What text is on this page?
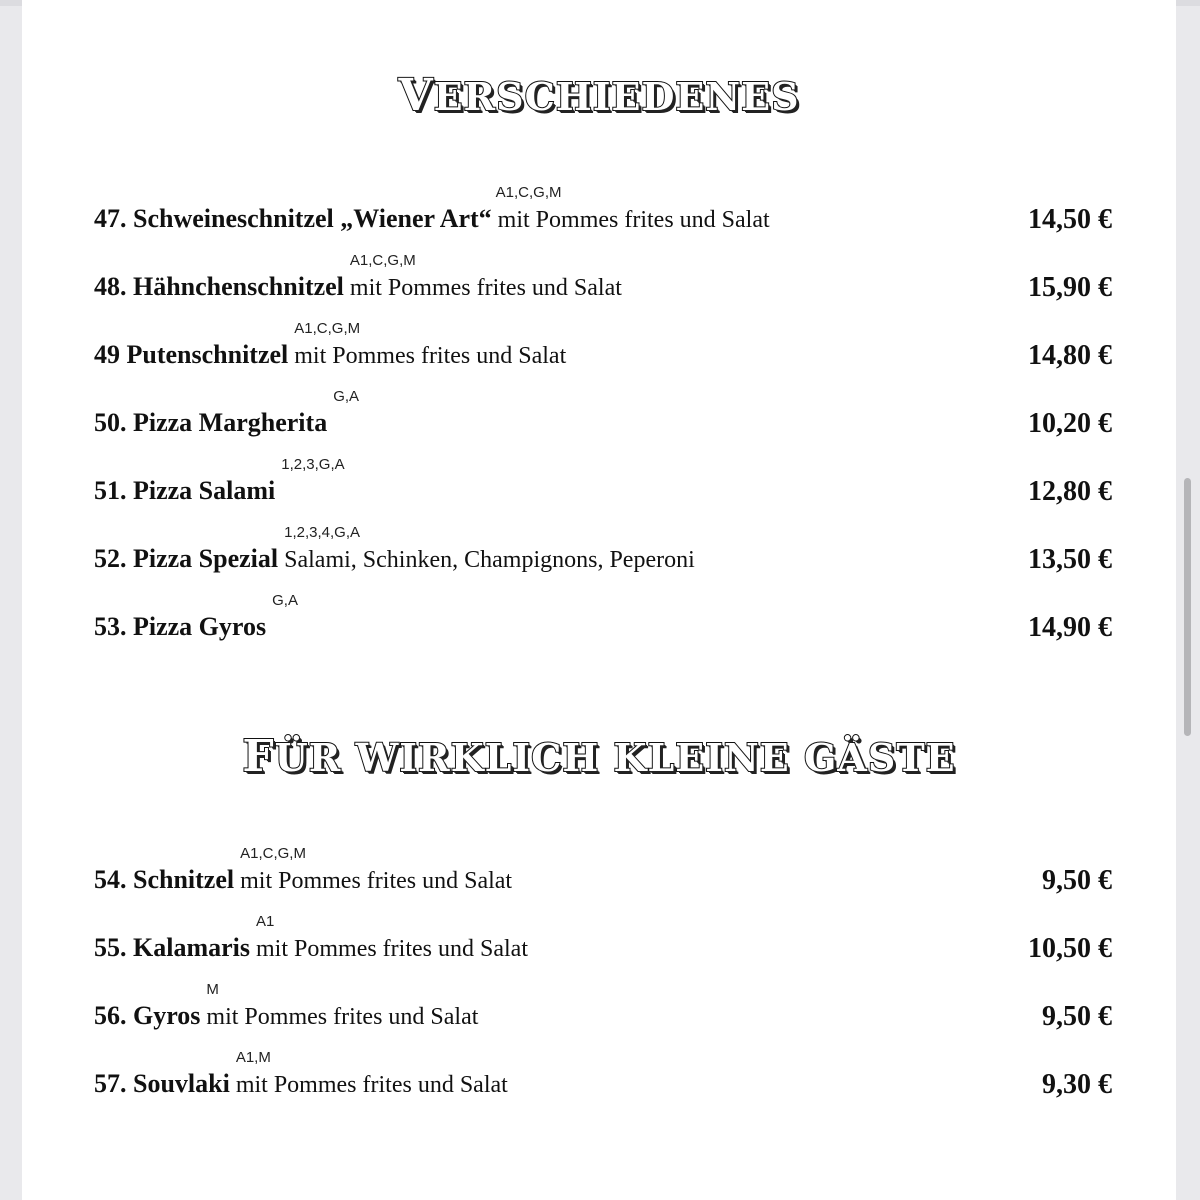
VERSCHIEDENES
47. Schweineschnitzel „Wiener Art“
A1,C,G,M
mit Pommes frites und Salat	14,50 €
48. Hähnchenschnitzel
A1,C,G,M
mit Pommes frites und Salat	15,90 €
49 Putenschnitzel
A1,C,G,M
mit Pommes frites und Salat	14,80 €
50. Pizza Margherita
G,A
10,20 €
51. Pizza Salami
1,2,3,G,A
12,80 €
52. Pizza Spezial
1,2,3,4,G,A
Salami, Schinken, Champignons, Peperoni	13,50 €
53. Pizza Gyros
G,A
14,90 €
FÜR WIRKLICH KLEINE GÄSTE
54. Schnitzel
A1,C,G,M
mit Pommes frites und Salat	9,50 €
55. Kalamaris
A1
mit Pommes frites und Salat	10,50 €
56. Gyros
M
mit Pommes frites und Salat	9,50 €
57. Souvlaki
A1,M
mit Pommes frites und Salat	9,30 €
